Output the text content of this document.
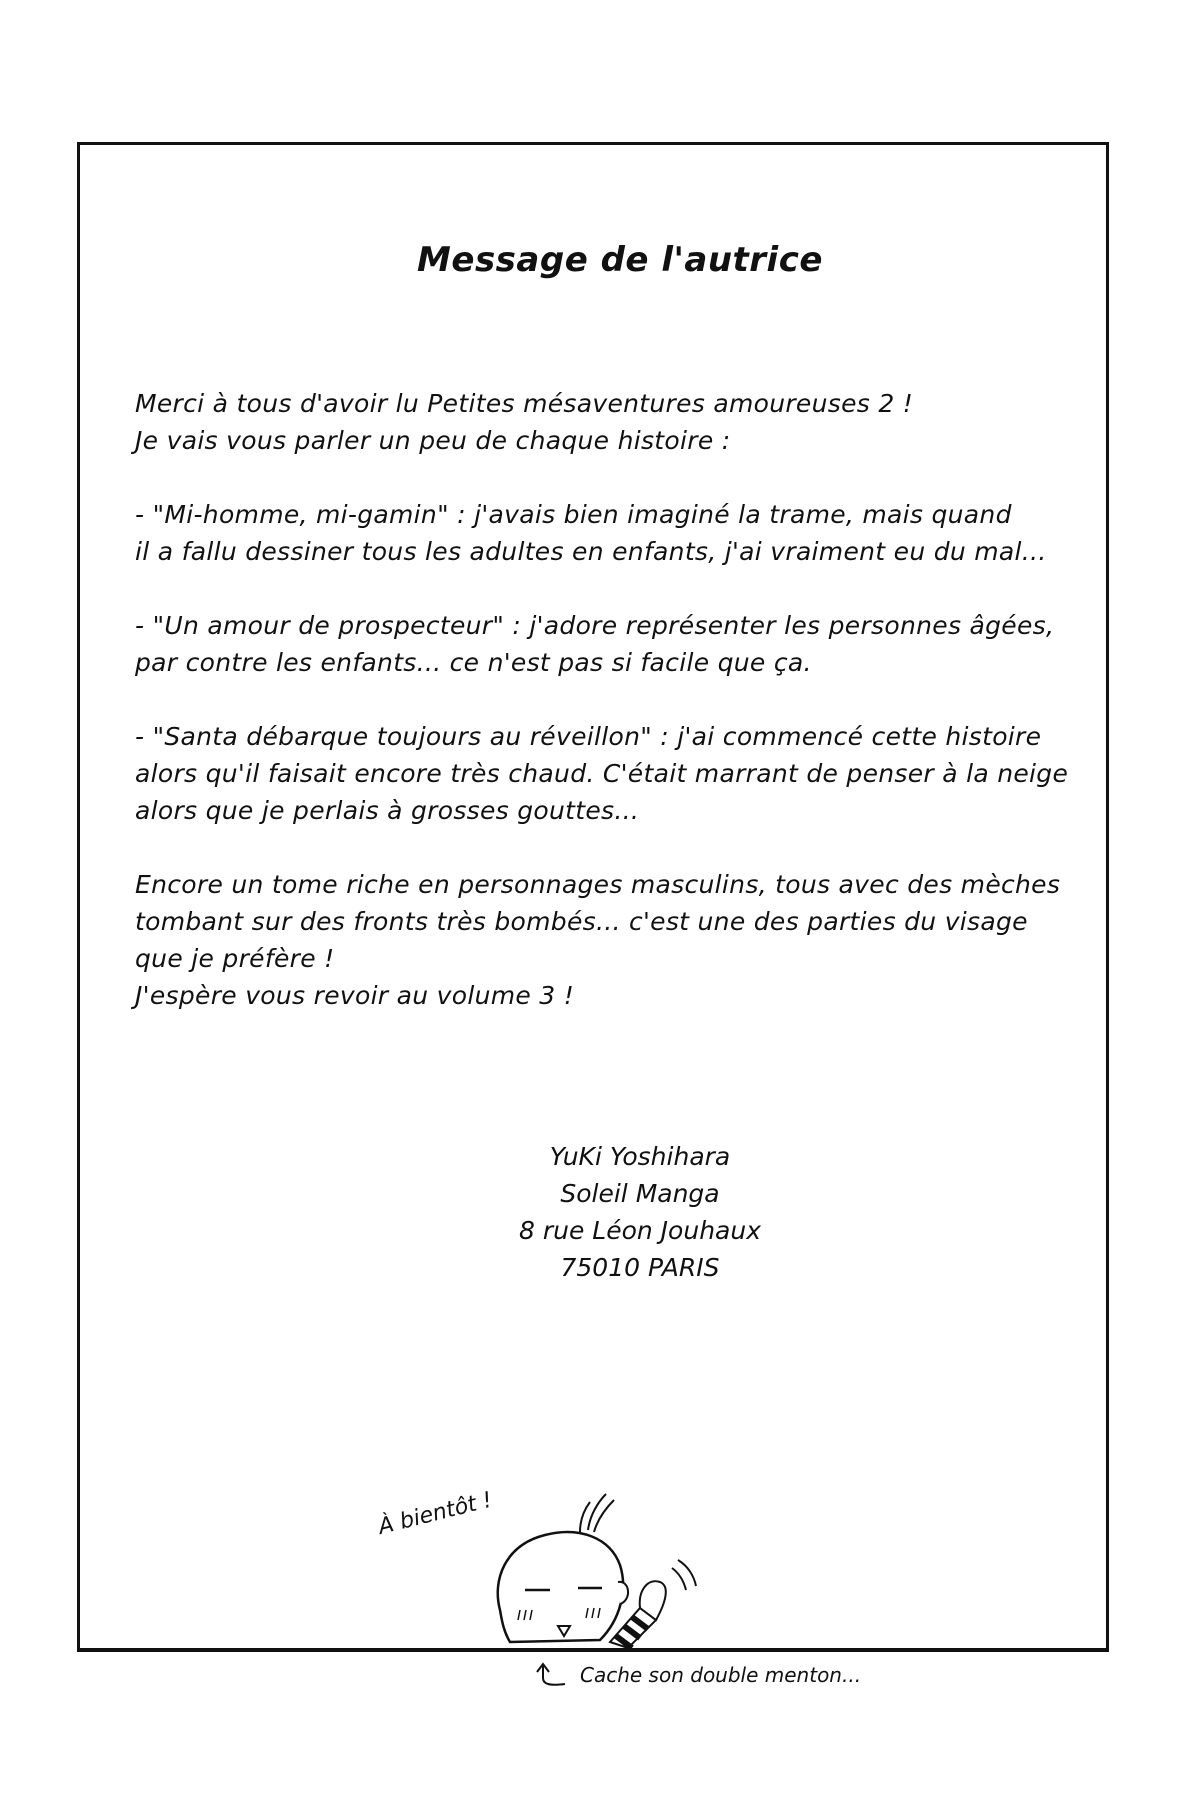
Message de l'autrice
Merci à tous d'avoir lu Petites mésaventures amoureuses 2 !
Je vais vous parler un peu de chaque histoire :
- "Mi-homme, mi-gamin" : j'avais bien imaginé la trame, mais quand
il a fallu dessiner tous les adultes en enfants, j'ai vraiment eu du mal...
- "Un amour de prospecteur" : j'adore représenter les personnes âgées,
par contre les enfants... ce n'est pas si facile que ça.
- "Santa débarque toujours au réveillon" : j'ai commencé cette histoire
alors qu'il faisait encore très chaud. C'était marrant de penser à la neige
alors que je perlais à grosses gouttes...
Encore un tome riche en personnages masculins, tous avec des mèches
tombant sur des fronts très bombés... c'est une des parties du visage
que je préfère !
J'espère vous revoir au volume 3 !
YuKi Yoshihara
Soleil Manga
8 rue Léon Jouhaux
75010 PARIS
À bientôt !
Cache son double menton...
